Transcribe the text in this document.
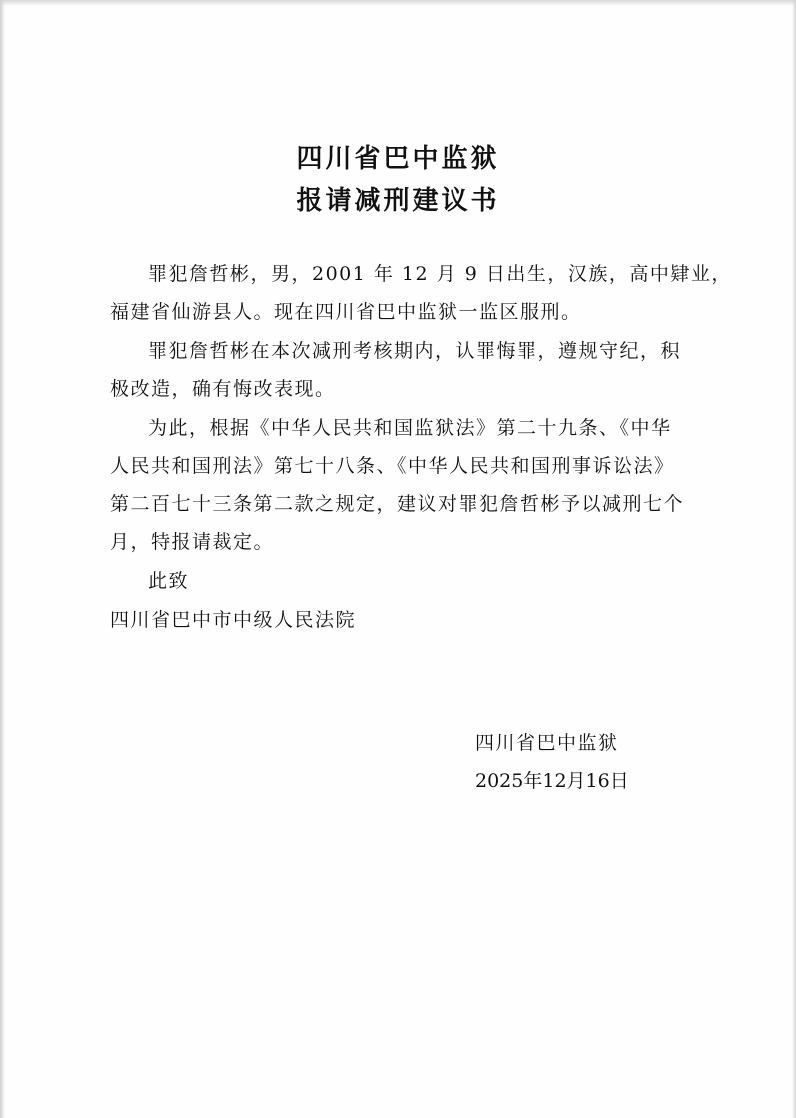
四川省巴中监狱
报请减刑建议书
罪犯詹哲彬，男，2001 年 12 月 9 日出生，汉族，高中肄业，
福建省仙游县人。现在四川省巴中监狱一监区服刑。
罪犯詹哲彬在本次减刑考核期内，认罪悔罪，遵规守纪，积
极改造，确有悔改表现。
为此，根据《中华人民共和国监狱法》第二十九条、《中华
人民共和国刑法》第七十八条、《中华人民共和国刑事诉讼法》
第二百七十三条第二款之规定，建议对罪犯詹哲彬予以减刑七个
月，特报请裁定。
此致
四川省巴中市中级人民法院
四川省巴中监狱
2025年12月16日
